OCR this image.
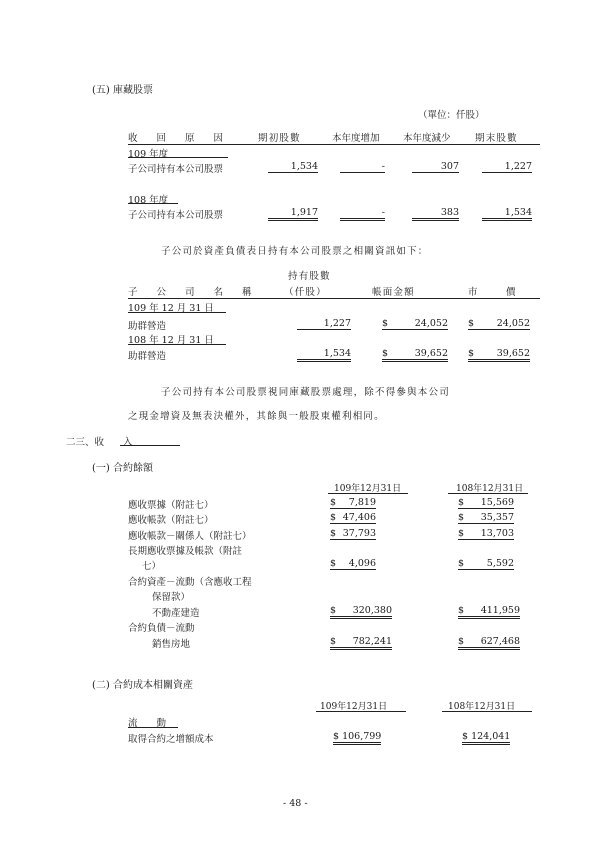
(五) 庫藏股票
（單位：仟股）
收　　回　　原　　因	期初股數	本年度增加 本年度減少	期末股數
109 年度
子公司持有本公司股票	1,534	-	307	1,227
108 年度
子公司持有本公司股票	1,917	-	383	1,534
子公司於資產負債表日持有本公司股票之相關資訊如下：
持有股數
子　　公　　司　　名　　稱	（仟股）	帳面金額	市　　　價
109 年 12 月 31 日
助群營造	1,227	$	24,052 $ 24,052
108 年 12 月 31 日
助群營造	1,534	$	39,652 $ 39,652
子公司持有本公司股票視同庫藏股票處理，除不得參與本公司
之現金增資及無表決權外，其餘與一般股東權利相同。
二三、收　　入
(一) 合約餘額
109年12月31日	108年12月31日
應收票據（附註七）	$ 7,819	$ 15,569
應收帳款（附註七）	$ 47,406	$ 35,357
應收帳款－關係人（附註七）	$ 37,793	$ 13,703
長期應收票據及帳款（附註
七）	$ 4,096	$ 5,592
合約資產－流動（含應收工程
保留款）
不動產建造	$ 320,380	$ 411,959
合約負債－流動
銷售房地	$ 782,241	$ 627,468
(二) 合約成本相關資產
109年12月31日	108年12月31日
流　　動
取得合約之增額成本	$ 106,799	$ 124,041
- 48 -
